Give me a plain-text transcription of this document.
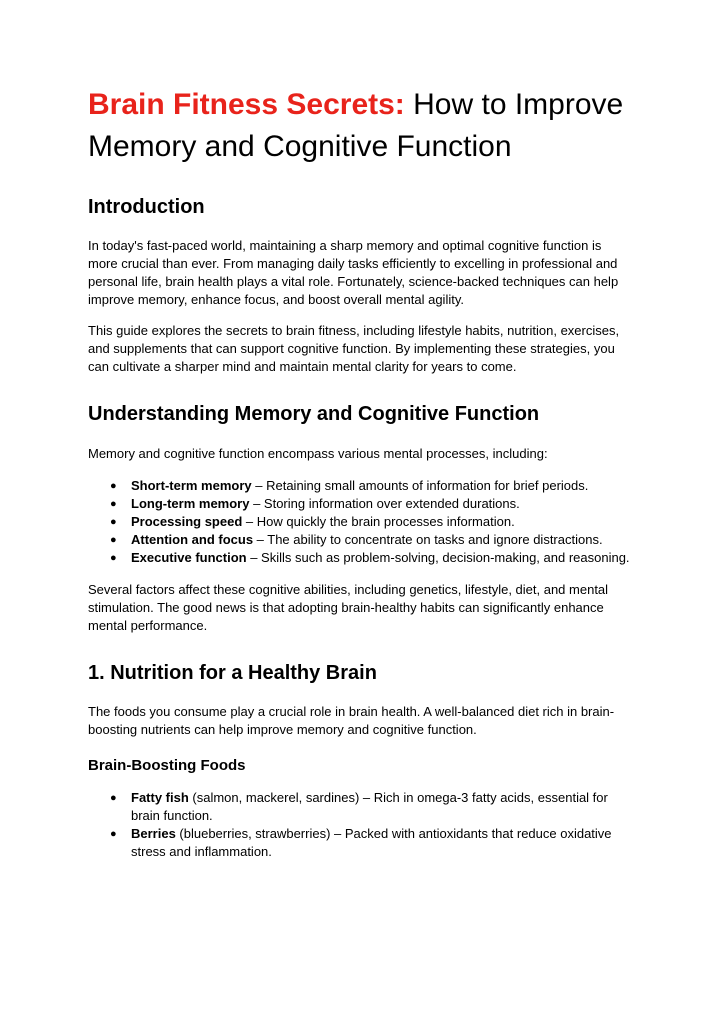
Brain Fitness Secrets: How to Improve Memory and Cognitive Function
Introduction

In today's fast-paced world, maintaining a sharp memory and optimal cognitive function is more crucial than ever. From managing daily tasks efficiently to excelling in professional and personal life, brain health plays a vital role. Fortunately, science-backed techniques can help improve memory, enhance focus, and boost overall mental agility.

This guide explores the secrets to brain fitness, including lifestyle habits, nutrition, exercises, and supplements that can support cognitive function. By implementing these strategies, you can cultivate a sharper mind and maintain mental clarity for years to come.

Understanding Memory and Cognitive Function

Memory and cognitive function encompass various mental processes, including:

● Short-term memory – Retaining small amounts of information for brief periods.
● Long-term memory – Storing information over extended durations.
● Processing speed – How quickly the brain processes information.
● Attention and focus – The ability to concentrate on tasks and ignore distractions.
● Executive function – Skills such as problem-solving, decision-making, and reasoning.

Several factors affect these cognitive abilities, including genetics, lifestyle, diet, and mental stimulation. The good news is that adopting brain-healthy habits can significantly enhance mental performance.

1. Nutrition for a Healthy Brain

The foods you consume play a crucial role in brain health. A well-balanced diet rich in brain-boosting nutrients can help improve memory and cognitive function.

Brain-Boosting Foods
● Fatty fish (salmon, mackerel, sardines) – Rich in omega-3 fatty acids, essential for brain function.
● Berries (blueberries, strawberries) – Packed with antioxidants that reduce oxidative stress and inflammation.
